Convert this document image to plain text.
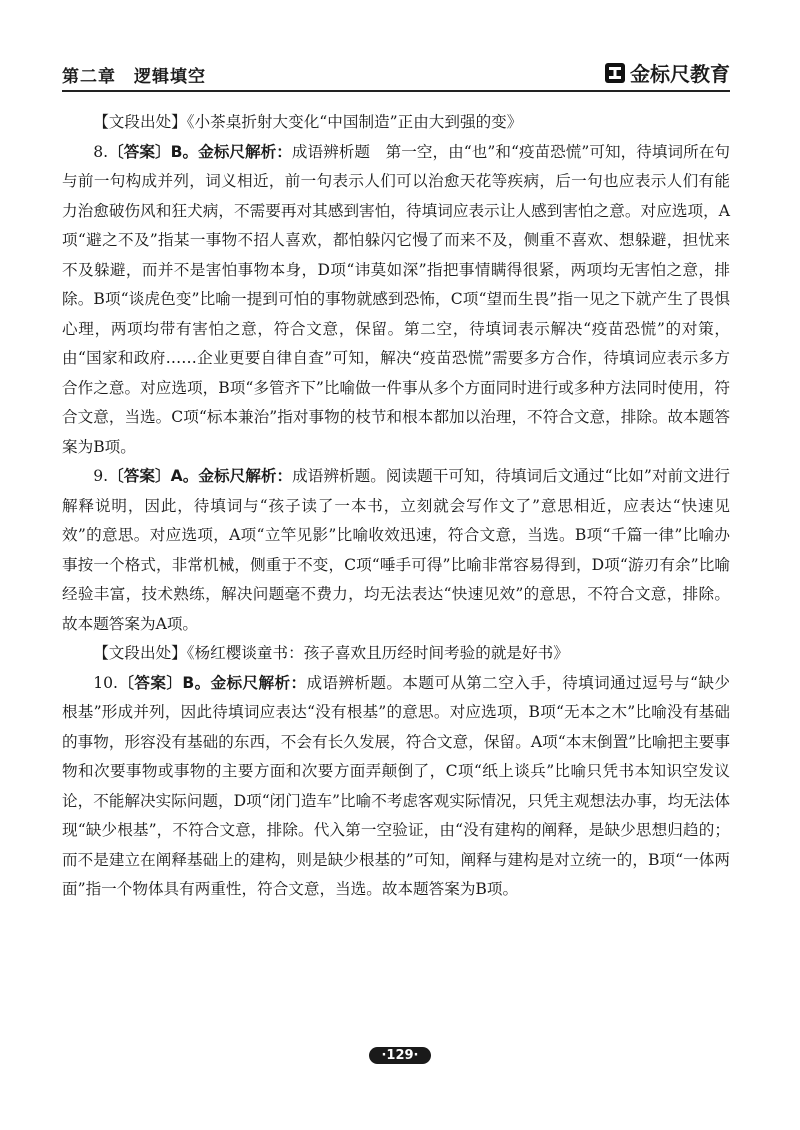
第二章　逻辑填空	金标尺教育

【文段出处】《小茶桌折射大变化“中国制造”正由大到强的变》

8.〔答案〕B。金标尺解析：成语辨析题　第一空，由“也”和“疫苗恐慌”可知，待填词所在句与前一句构成并列，词义相近，前一句表示人们可以治愈天花等疾病，后一句也应表示人们有能力治愈破伤风和狂犬病，不需要再对其感到害怕，待填词应表示让人感到害怕之意。对应选项，A项“避之不及”指某一事物不招人喜欢，都怕躲闪它慢了而来不及，侧重不喜欢、想躲避，担忧来不及躲避，而并不是害怕事物本身，D项“讳莫如深”指把事情瞒得很紧，两项均无害怕之意，排除。B项“谈虎色变”比喻一提到可怕的事物就感到恐怖，C项“望而生畏”指一见之下就产生了畏惧心理，两项均带有害怕之意，符合文意，保留。第二空，待填词表示解决“疫苗恐慌”的对策，由“国家和政府……企业更要自律自查”可知，解决“疫苗恐慌”需要多方合作，待填词应表示多方合作之意。对应选项，B项“多管齐下”比喻做一件事从多个方面同时进行或多种方法同时使用，符合文意，当选。C项“标本兼治”指对事物的枝节和根本都加以治理，不符合文意，排除。故本题答案为B项。

9.〔答案〕A。金标尺解析：成语辨析题。阅读题干可知，待填词后文通过“比如”对前文进行解释说明，因此，待填词与“孩子读了一本书，立刻就会写作文了”意思相近，应表达“快速见效”的意思。对应选项，A项“立竿见影”比喻收效迅速，符合文意，当选。B项“千篇一律”比喻办事按一个格式，非常机械，侧重于不变，C项“唾手可得”比喻非常容易得到，D项“游刃有余”比喻经验丰富，技术熟练，解决问题毫不费力，均无法表达“快速见效”的意思，不符合文意，排除。故本题答案为A项。

【文段出处】《杨红樱谈童书：孩子喜欢且历经时间考验的就是好书》

10.〔答案〕B。金标尺解析：成语辨析题。本题可从第二空入手，待填词通过逗号与“缺少根基”形成并列，因此待填词应表达“没有根基”的意思。对应选项，B项“无本之木”比喻没有基础的事物，形容没有基础的东西，不会有长久发展，符合文意，保留。A项“本末倒置”比喻把主要事物和次要事物或事物的主要方面和次要方面弄颠倒了，C项“纸上谈兵”比喻只凭书本知识空发议论，不能解决实际问题，D项“闭门造车”比喻不考虑客观实际情况，只凭主观想法办事，均无法体现“缺少根基”，不符合文意，排除。代入第一空验证，由“没有建构的阐释，是缺少思想归趋的；而不是建立在阐释基础上的建构，则是缺少根基的”可知，阐释与建构是对立统一的，B项“一体两面”指一个物体具有两重性，符合文意，当选。故本题答案为B项。

·129·
